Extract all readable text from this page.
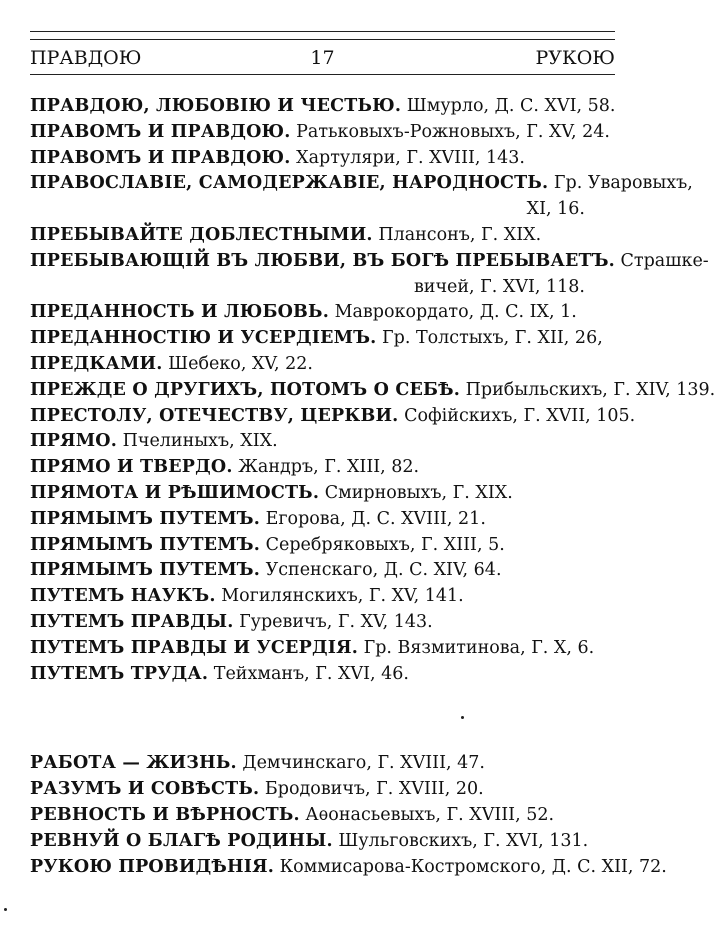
ПРАВДОЮ	17	РУКОЮ
ПРАВДОЮ, ЛЮБОВІЮ И ЧЕСТЬЮ. Шмурло, Д. С. XVI, 58.
ПРАВОМЪ И ПРАВДОЮ. Ратьковыхъ-Рожновыхъ, Г. XV, 24.
ПРАВОМЪ И ПРАВДОЮ. Хартуляри, Г. XVIII, 143.
ПРАВОСЛАВІЕ, САМОДЕРЖАВІЕ, НАРОДНОСТЬ. Гр. Уваровыхъ,
XI, 16.
ПРЕБЫВАЙТЕ ДОБЛЕСТНЫМИ. Плансонъ, Г. XIX.
ПРЕБЫВАЮЩІЙ ВЪ ЛЮБВИ, ВЪ БОГѢ ПРЕБЫВАЕТЪ. Страшке-
вичей, Г. XVI, 118.
ПРЕДАННОСТЬ И ЛЮБОВЬ. Маврокордато, Д. С. IX, 1.
ПРЕДАННОСТІЮ И УСЕРДІЕМЪ. Гр. Толстыхъ, Г. XII, 26,
ПРЕДКАМИ. Шебеко, XV, 22.
ПРЕЖДЕ О ДРУГИХЪ, ПОТОМЪ О СЕБѢ. Прибыльскихъ, Г. XIV, 139.
ПРЕСТОЛУ, ОТЕЧЕСТВУ, ЦЕРКВИ. Софійскихъ, Г. XVII, 105.
ПРЯМО. Пчелиныхъ, XIX.
ПРЯМО И ТВЕРДО. Жандръ, Г. XIII, 82.
ПРЯМОТА И РѢШИМОСТЬ. Смирновыхъ, Г. XIX.
ПРЯМЫМЪ ПУТЕМЪ. Егорова, Д. С. XVIII, 21.
ПРЯМЫМЪ ПУТЕМЪ. Серебряковыхъ, Г. XIII, 5.
ПРЯМЫМЪ ПУТЕМЪ. Успенскаго, Д. С. XIV, 64.
ПУТЕМЪ НАУКЪ. Могилянскихъ, Г. XV, 141.
ПУТЕМЪ ПРАВДЫ. Гуревичъ, Г. XV, 143.
ПУТЕМЪ ПРАВДЫ И УСЕРДІЯ. Гр. Вязмитинова, Г. X, 6.
ПУТЕМЪ ТРУДА. Тейхманъ, Г. XVI, 46.
РАБОТА — ЖИЗНЬ. Демчинскаго, Г. XVIII, 47.
РАЗУМЪ И СОВѢСТЬ. Бродовичъ, Г. XVIII, 20.
РЕВНОСТЬ И ВѢРНОСТЬ. Аѳонасьевыхъ, Г. XVIII, 52.
РЕВНУЙ О БЛАГѢ РОДИНЫ. Шульговскихъ, Г. XVI, 131.
РУКОЮ ПРОВИДѢНІЯ. Коммисарова-Костромского, Д. С. XII, 72.
